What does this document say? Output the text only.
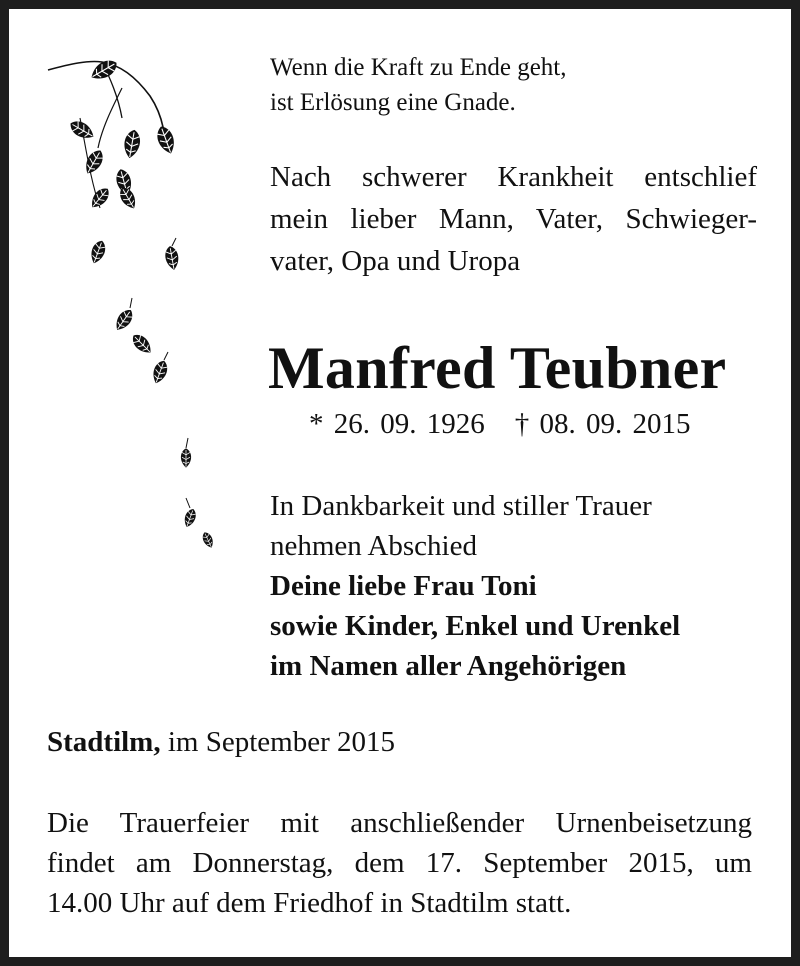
Wenn die Kraft zu Ende geht,
ist Erlösung eine Gnade.
Nach schwerer Krankheit entschlief
mein lieber Mann, Vater, Schwieger-
vater, Opa und Uropa
Manfred Teubner
* 26. 09. 1926 † 08. 09. 2015
In Dankbarkeit und stiller Trauer
nehmen Abschied
Deine liebe Frau Toni
sowie Kinder, Enkel und Urenkel
im Namen aller Angehörigen
Stadtilm, im September 2015
Die Trauerfeier mit anschließender Urnenbeisetzung
findet am Donnerstag, dem 17. September 2015, um
14.00 Uhr auf dem Friedhof in Stadtilm statt.
